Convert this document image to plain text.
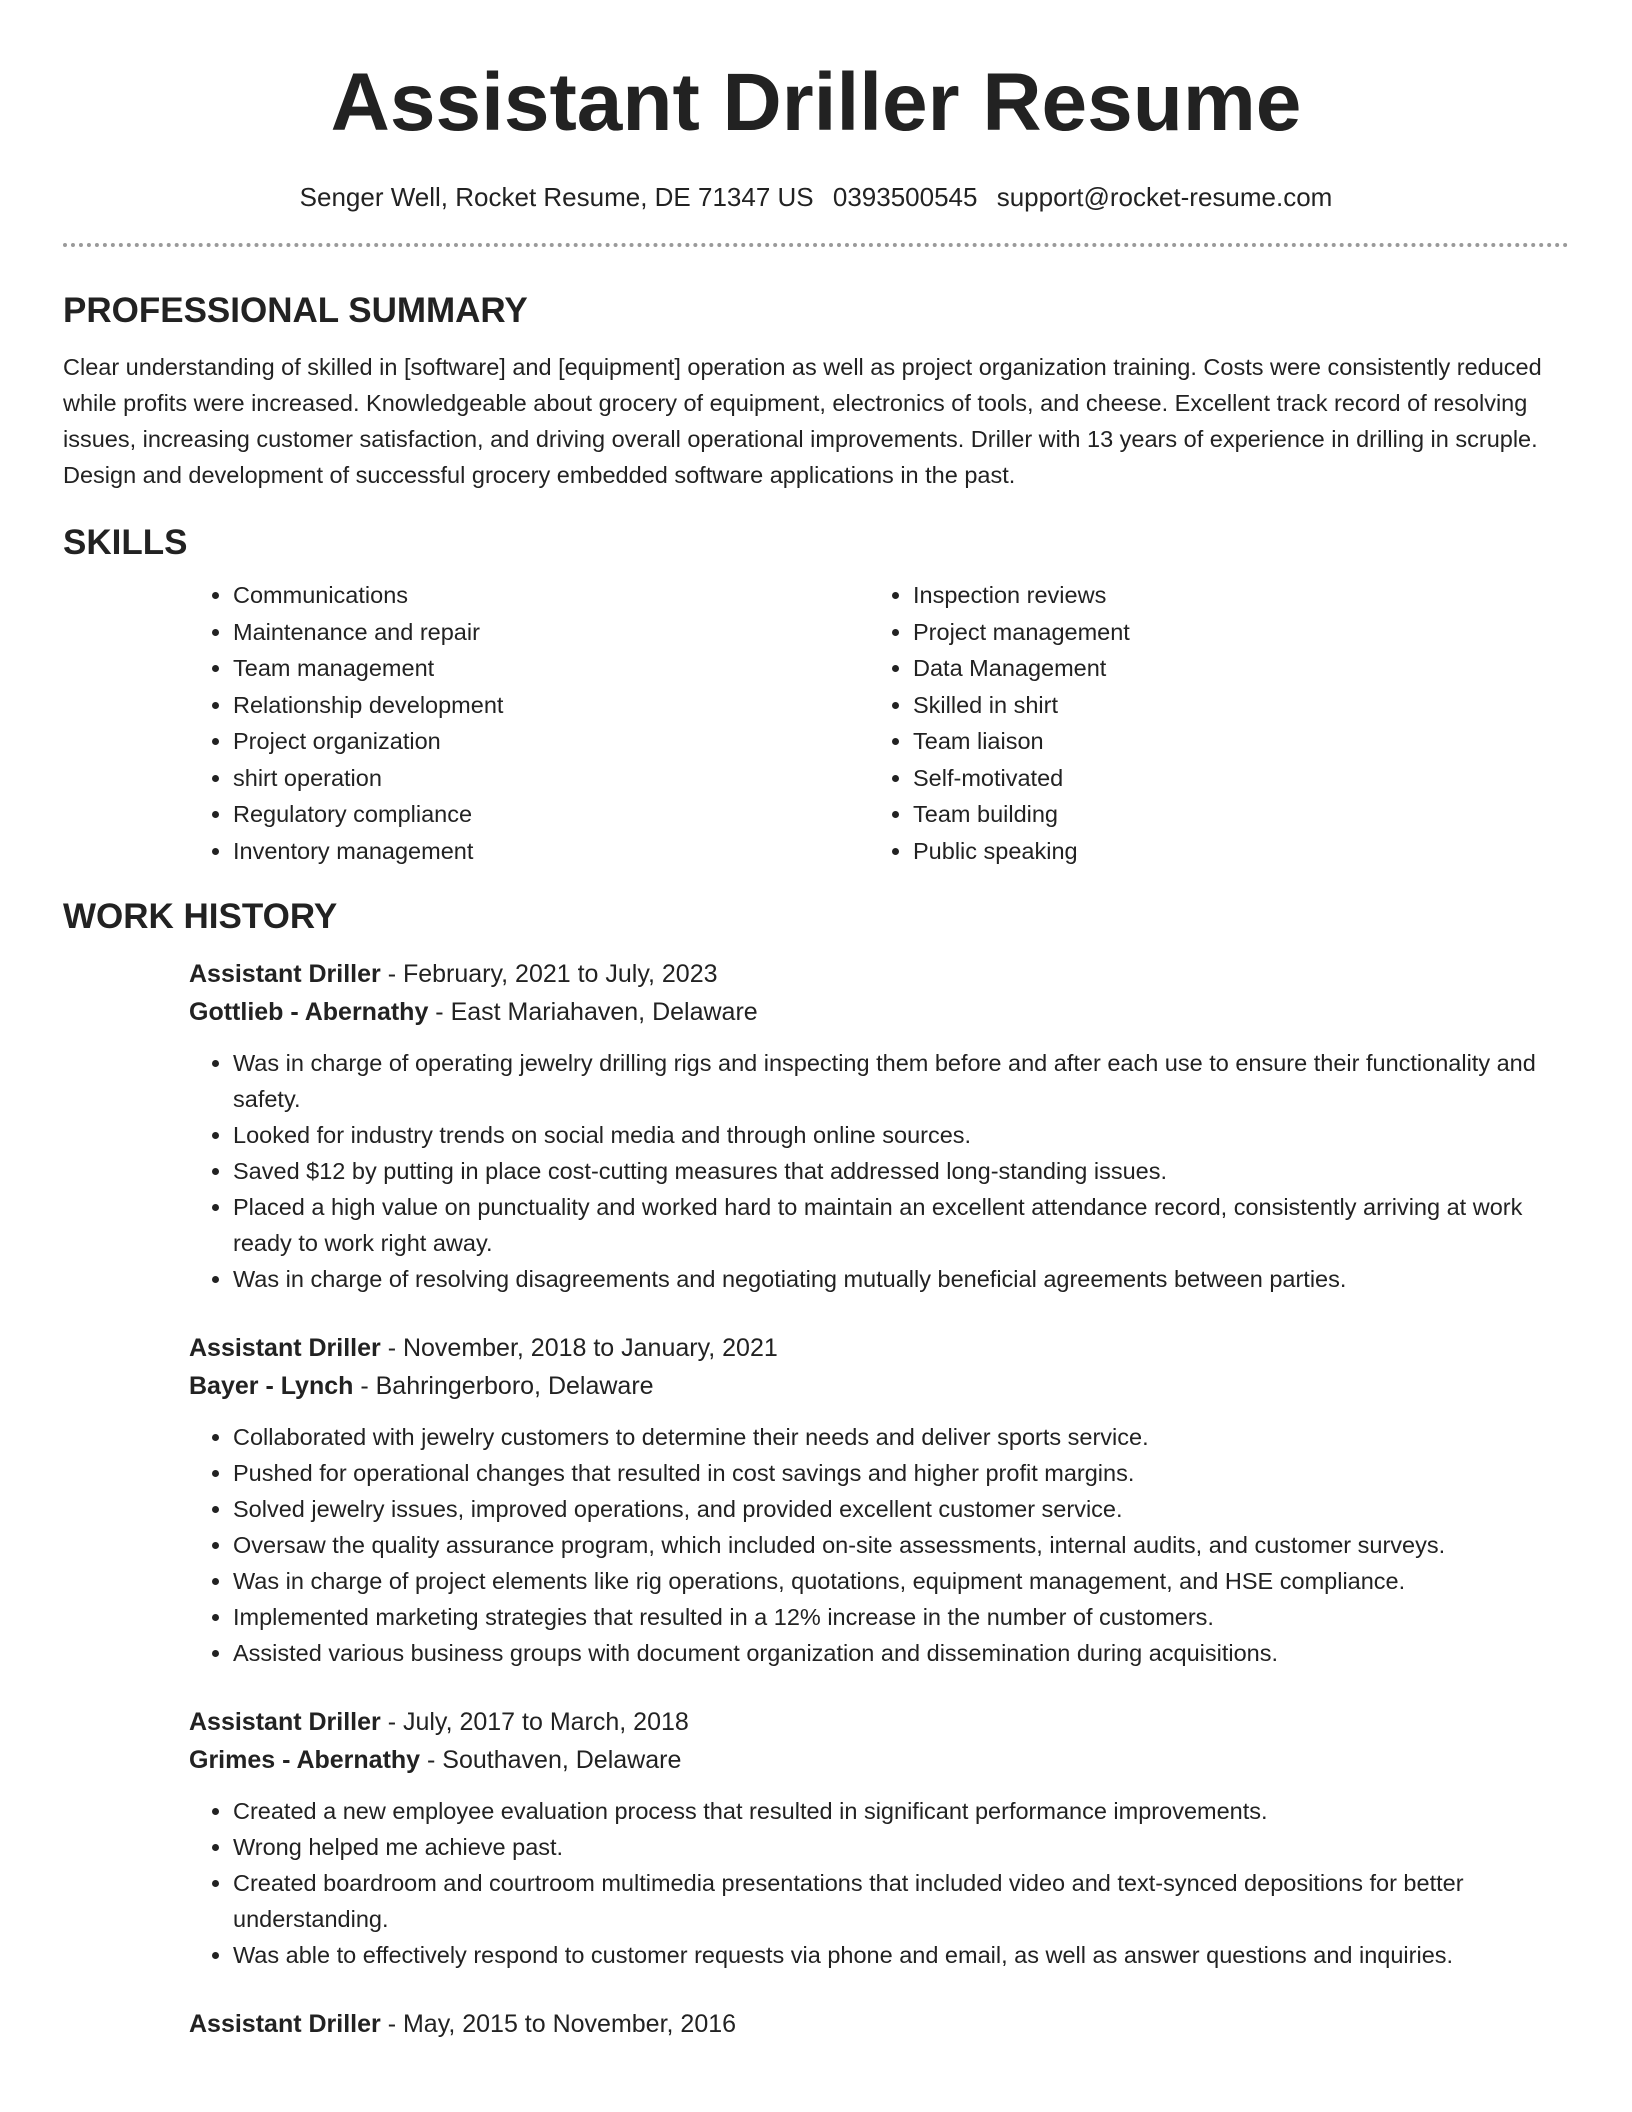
Assistant Driller Resume
Senger Well, Rocket Resume, DE 71347 US 0393500545 support@rocket-resume.com
PROFESSIONAL SUMMARY

Clear understanding of skilled in [software] and [equipment] operation as well as project organization training. Costs were consistently reduced while profits were increased. Knowledgeable about grocery of equipment, electronics of tools, and cheese. Excellent track record of resolving issues, increasing customer satisfaction, and driving overall operational improvements. Driller with 13 years of experience in drilling in scruple. Design and development of successful grocery embedded software applications in the past.

SKILLS
• Communications
• Maintenance and repair
• Team management
• Relationship development
• Project organization
• shirt operation
• Regulatory compliance
• Inventory management
• Inspection reviews
• Project management
• Data Management
• Skilled in shirt
• Team liaison
• Self-motivated
• Team building
• Public speaking
WORK HISTORY
Assistant Driller - February, 2021 to July, 2023
Gottlieb - Abernathy - East Mariahaven, Delaware
• Was in charge of operating jewelry drilling rigs and inspecting them before and after each use to ensure their functionality and safety.
• Looked for industry trends on social media and through online sources.
• Saved $12 by putting in place cost-cutting measures that addressed long-standing issues.
• Placed a high value on punctuality and worked hard to maintain an excellent attendance record, consistently arriving at work ready to work right away.
• Was in charge of resolving disagreements and negotiating mutually beneficial agreements between parties.
Assistant Driller - November, 2018 to January, 2021
Bayer - Lynch - Bahringerboro, Delaware
• Collaborated with jewelry customers to determine their needs and deliver sports service.
• Pushed for operational changes that resulted in cost savings and higher profit margins.
• Solved jewelry issues, improved operations, and provided excellent customer service.
• Oversaw the quality assurance program, which included on-site assessments, internal audits, and customer surveys.
• Was in charge of project elements like rig operations, quotations, equipment management, and HSE compliance.
• Implemented marketing strategies that resulted in a 12% increase in the number of customers.
• Assisted various business groups with document organization and dissemination during acquisitions.
Assistant Driller - July, 2017 to March, 2018
Grimes - Abernathy - Southaven, Delaware
• Created a new employee evaluation process that resulted in significant performance improvements.
• Wrong helped me achieve past.
• Created boardroom and courtroom multimedia presentations that included video and text-synced depositions for better understanding.
• Was able to effectively respond to customer requests via phone and email, as well as answer questions and inquiries.
Assistant Driller - May, 2015 to November, 2016
